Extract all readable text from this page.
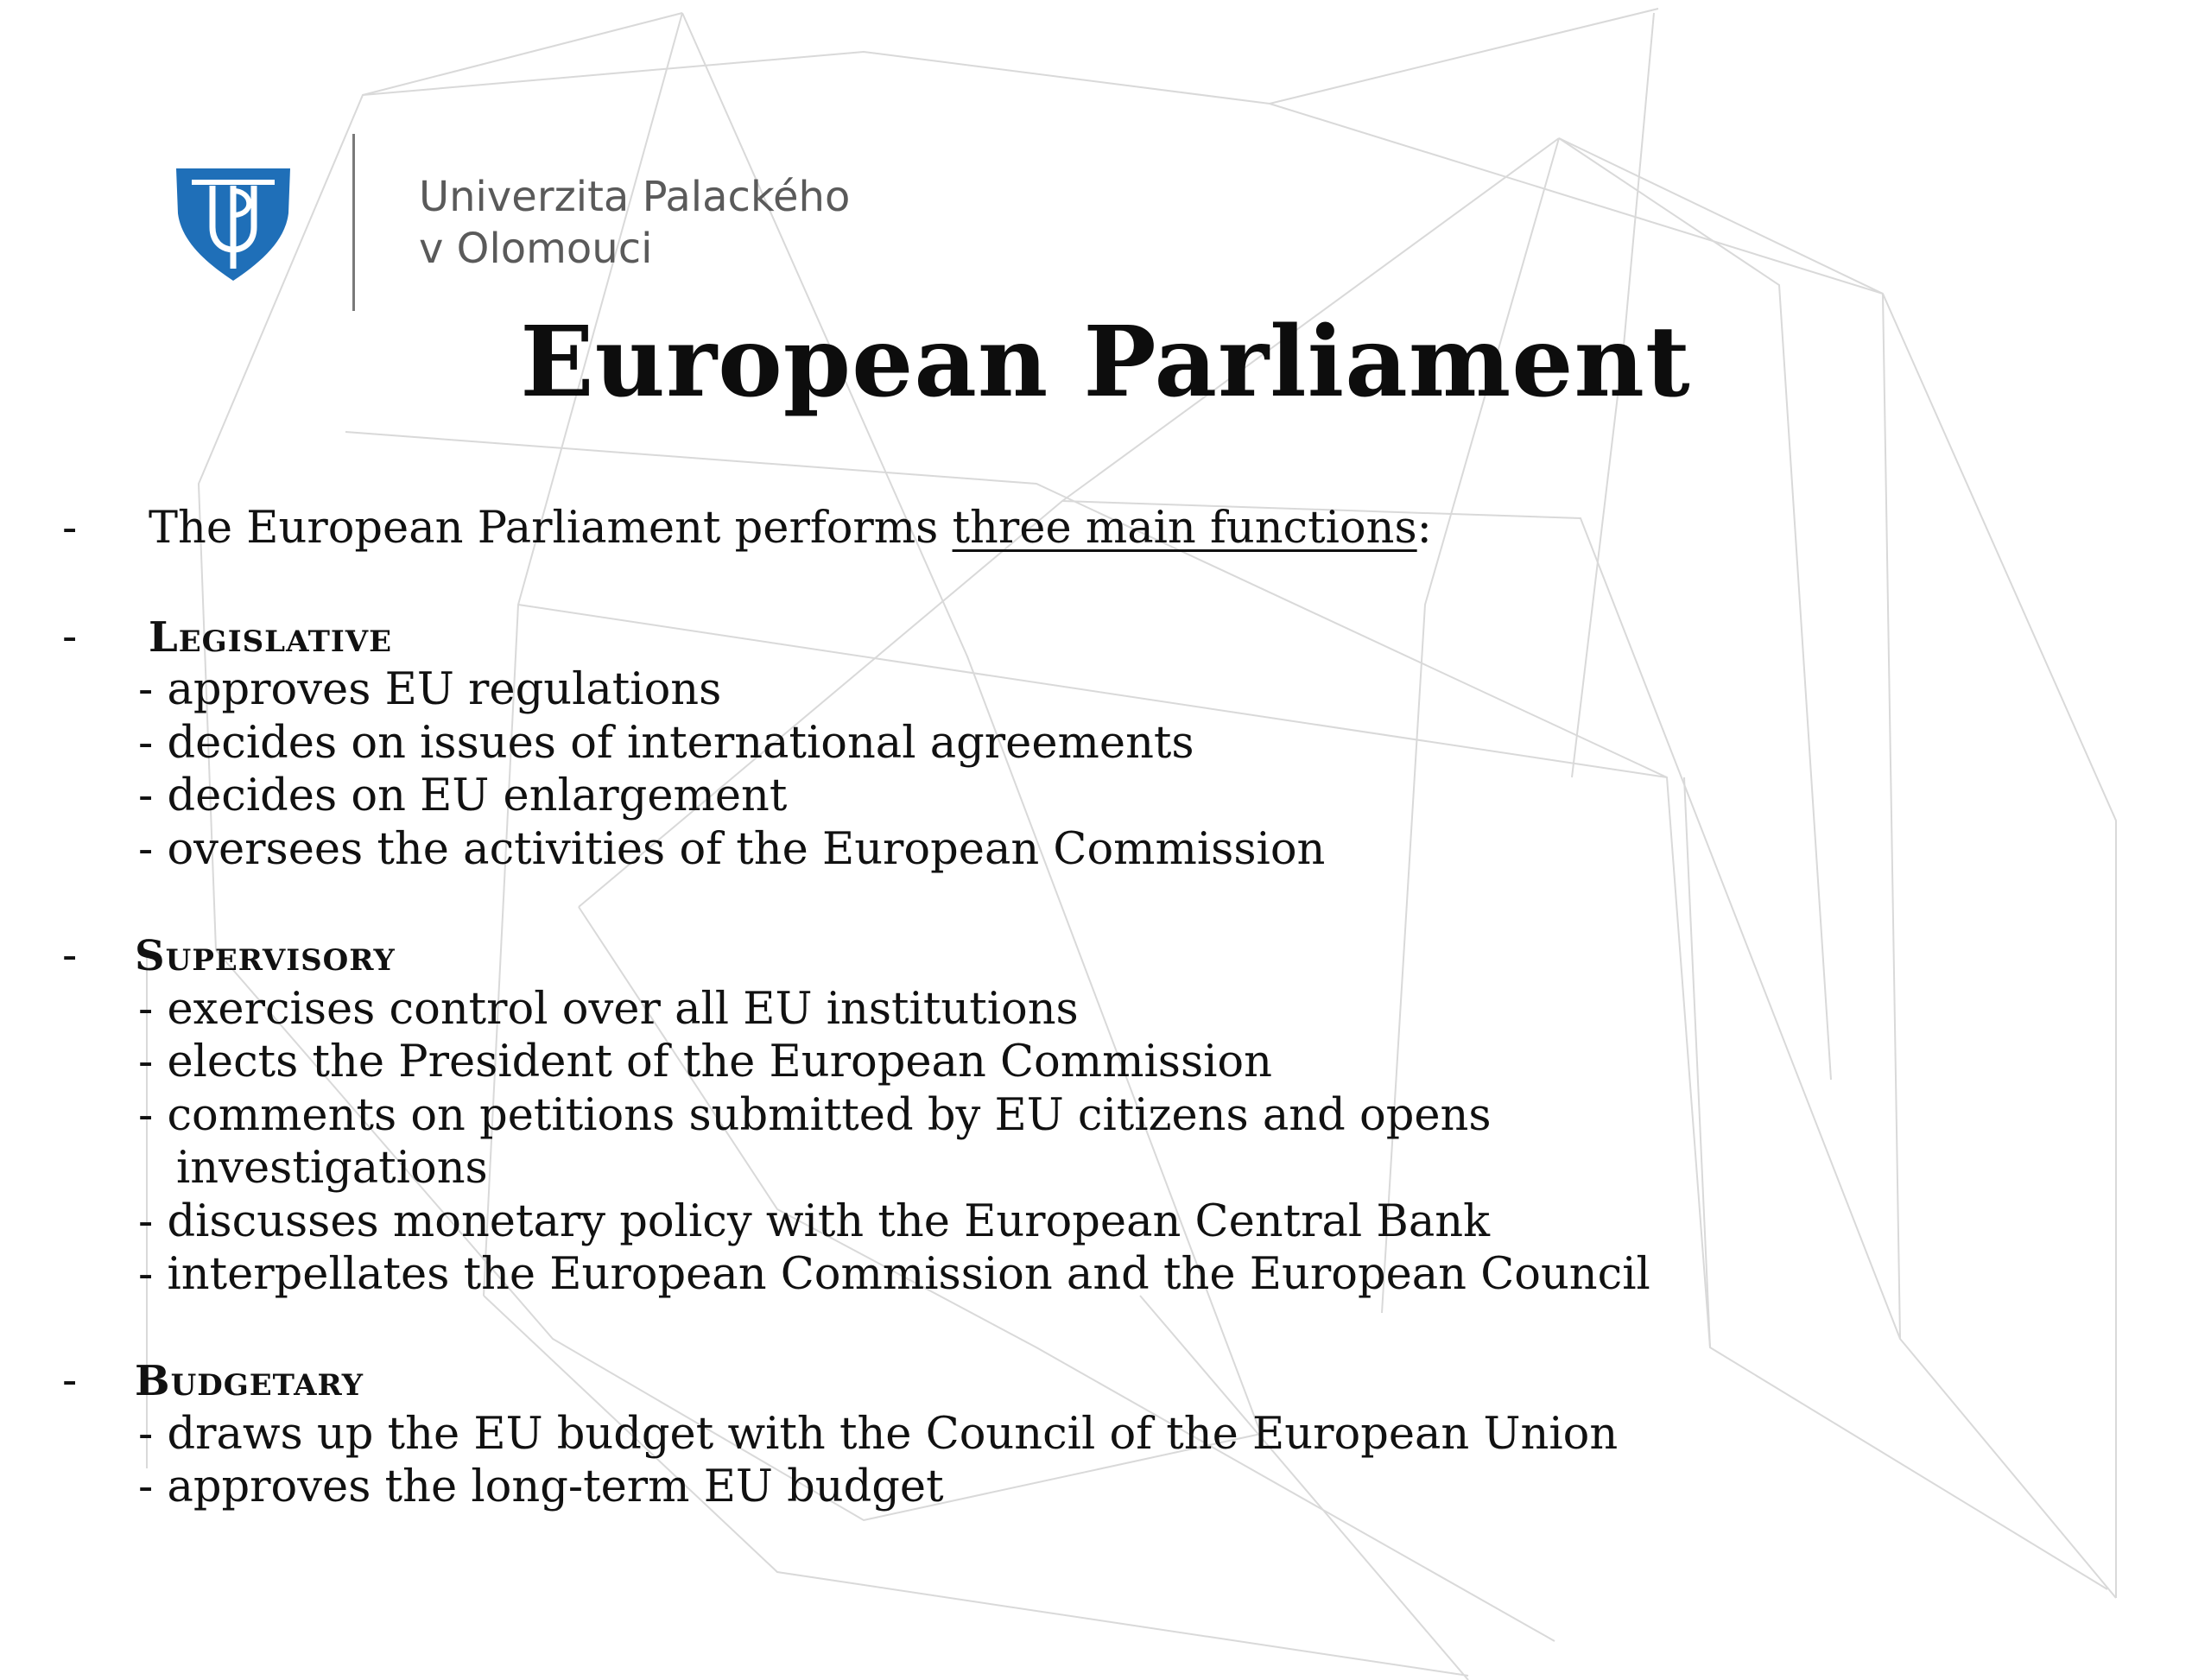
Univerzita Palackého
v Olomouci
European Parliament
- The European Parliament performs three main functions:
- Legislative
- approves EU regulations
- decides on issues of international agreements
- decides on EU enlargement
- oversees the activities of the European Commission
- Supervisory
- exercises control over all EU institutions
- elects the President of the European Commission
- comments on petitions submitted by EU citizens and opens
investigations
- discusses monetary policy with the European Central Bank
- interpellates the European Commission and the European Council
- Budgetary
- draws up the EU budget with the Council of the European Union
- approves the long-term EU budget
